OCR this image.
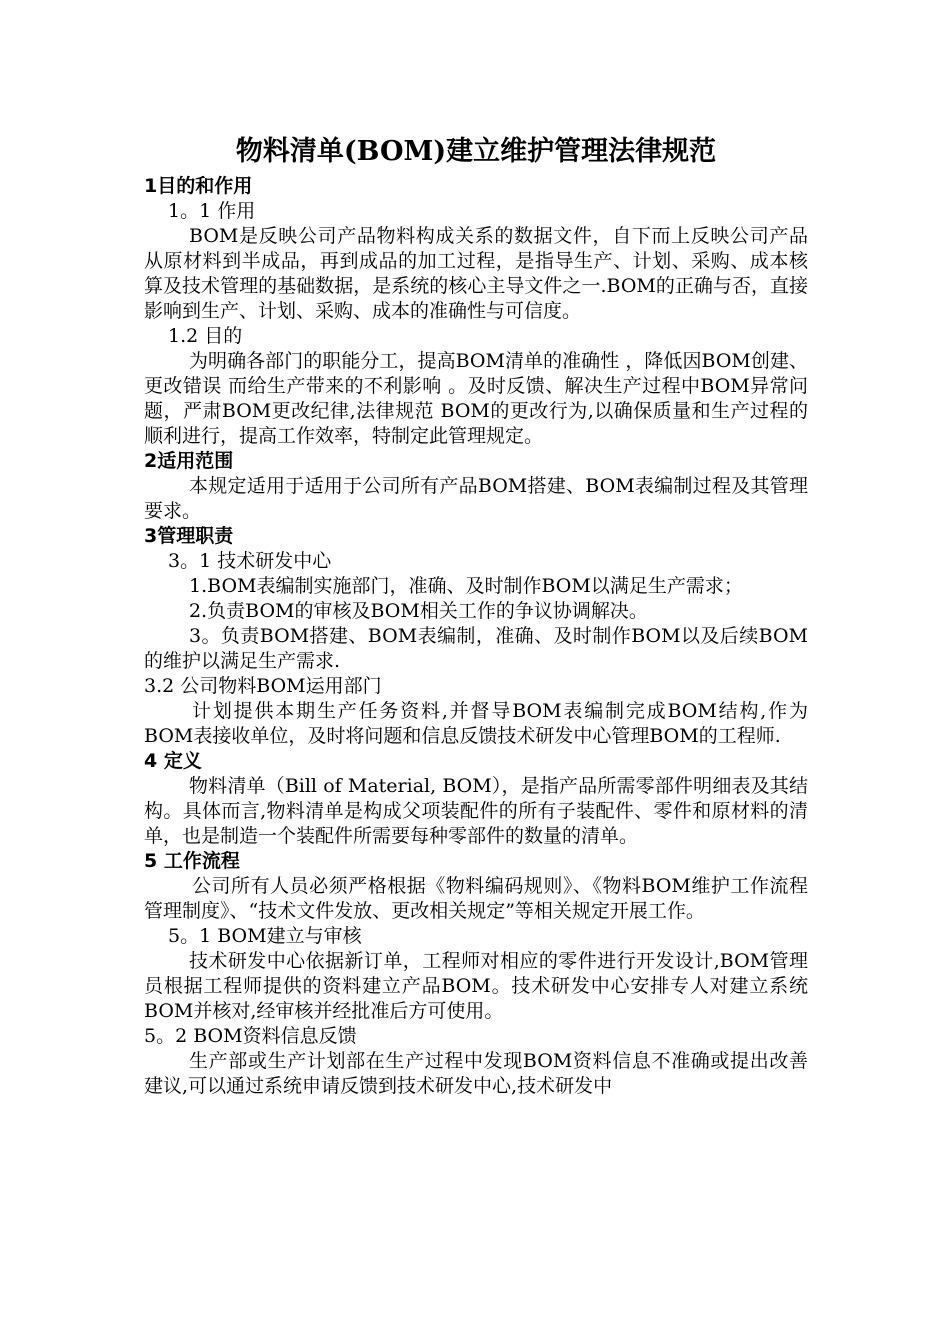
物料清单(BOM)建立维护管理法律规范
1目的和作用
1。1 作用
BOM是反映公司产品物料构成关系的数据文件，自下而上反映公司产品从原材料到半成品，再到成品的加工过程，是指导生产、计划、采购、成本核算及技术管理的基础数据，是系统的核心主导文件之一.BOM的正确与否，直接影响到生产、计划、采购、成本的准确性与可信度。
1.2 目的
为明确各部门的职能分工，提高BOM清单的准确性 ，降低因BOM创建、更改错误 而给生产带来的不利影响 。及时反馈、解决生产过程中BOM异常问题，严肃BOM更改纪律,法律规范 BOM的更改行为,以确保质量和生产过程的顺利进行，提高工作效率，特制定此管理规定。
2适用范围
本规定适用于适用于公司所有产品BOM搭建、BOM表编制过程及其管理要求。
3管理职责
3。1 技术研发中心
1.BOM表编制实施部门，准确、及时制作BOM以满足生产需求；
2.负责BOM的审核及BOM相关工作的争议协调解决。
3。负责BOM搭建、BOM表编制，准确、及时制作BOM以及后续BOM的维护以满足生产需求.
3.2 公司物料BOM运用部门
计划提供本期生产任务资料,并督导BOM表编制完成BOM结构,作为BOM表接收单位，及时将问题和信息反馈技术研发中心管理BOM的工程师.
4 定义
物料清单（Bill of Material, BOM），是指产品所需零部件明细表及其结构。具体而言,物料清单是构成父项装配件的所有子装配件、零件和原材料的清单，也是制造一个装配件所需要每种零部件的数量的清单。
5 工作流程
公司所有人员必须严格根据《物料编码规则》、《物料BOM维护工作流程管理制度》、“技术文件发放、更改相关规定”等相关规定开展工作。
5。1 BOM建立与审核
技术研发中心依据新订单，工程师对相应的零件进行开发设计,BOM管理员根据工程师提供的资料建立产品BOM。技术研发中心安排专人对建立系统BOM并核对,经审核并经批准后方可使用。
5。2 BOM资料信息反馈
生产部或生产计划部在生产过程中发现BOM资料信息不准确或提出改善建议,可以通过系统申请反馈到技术研发中心,技术研发中
